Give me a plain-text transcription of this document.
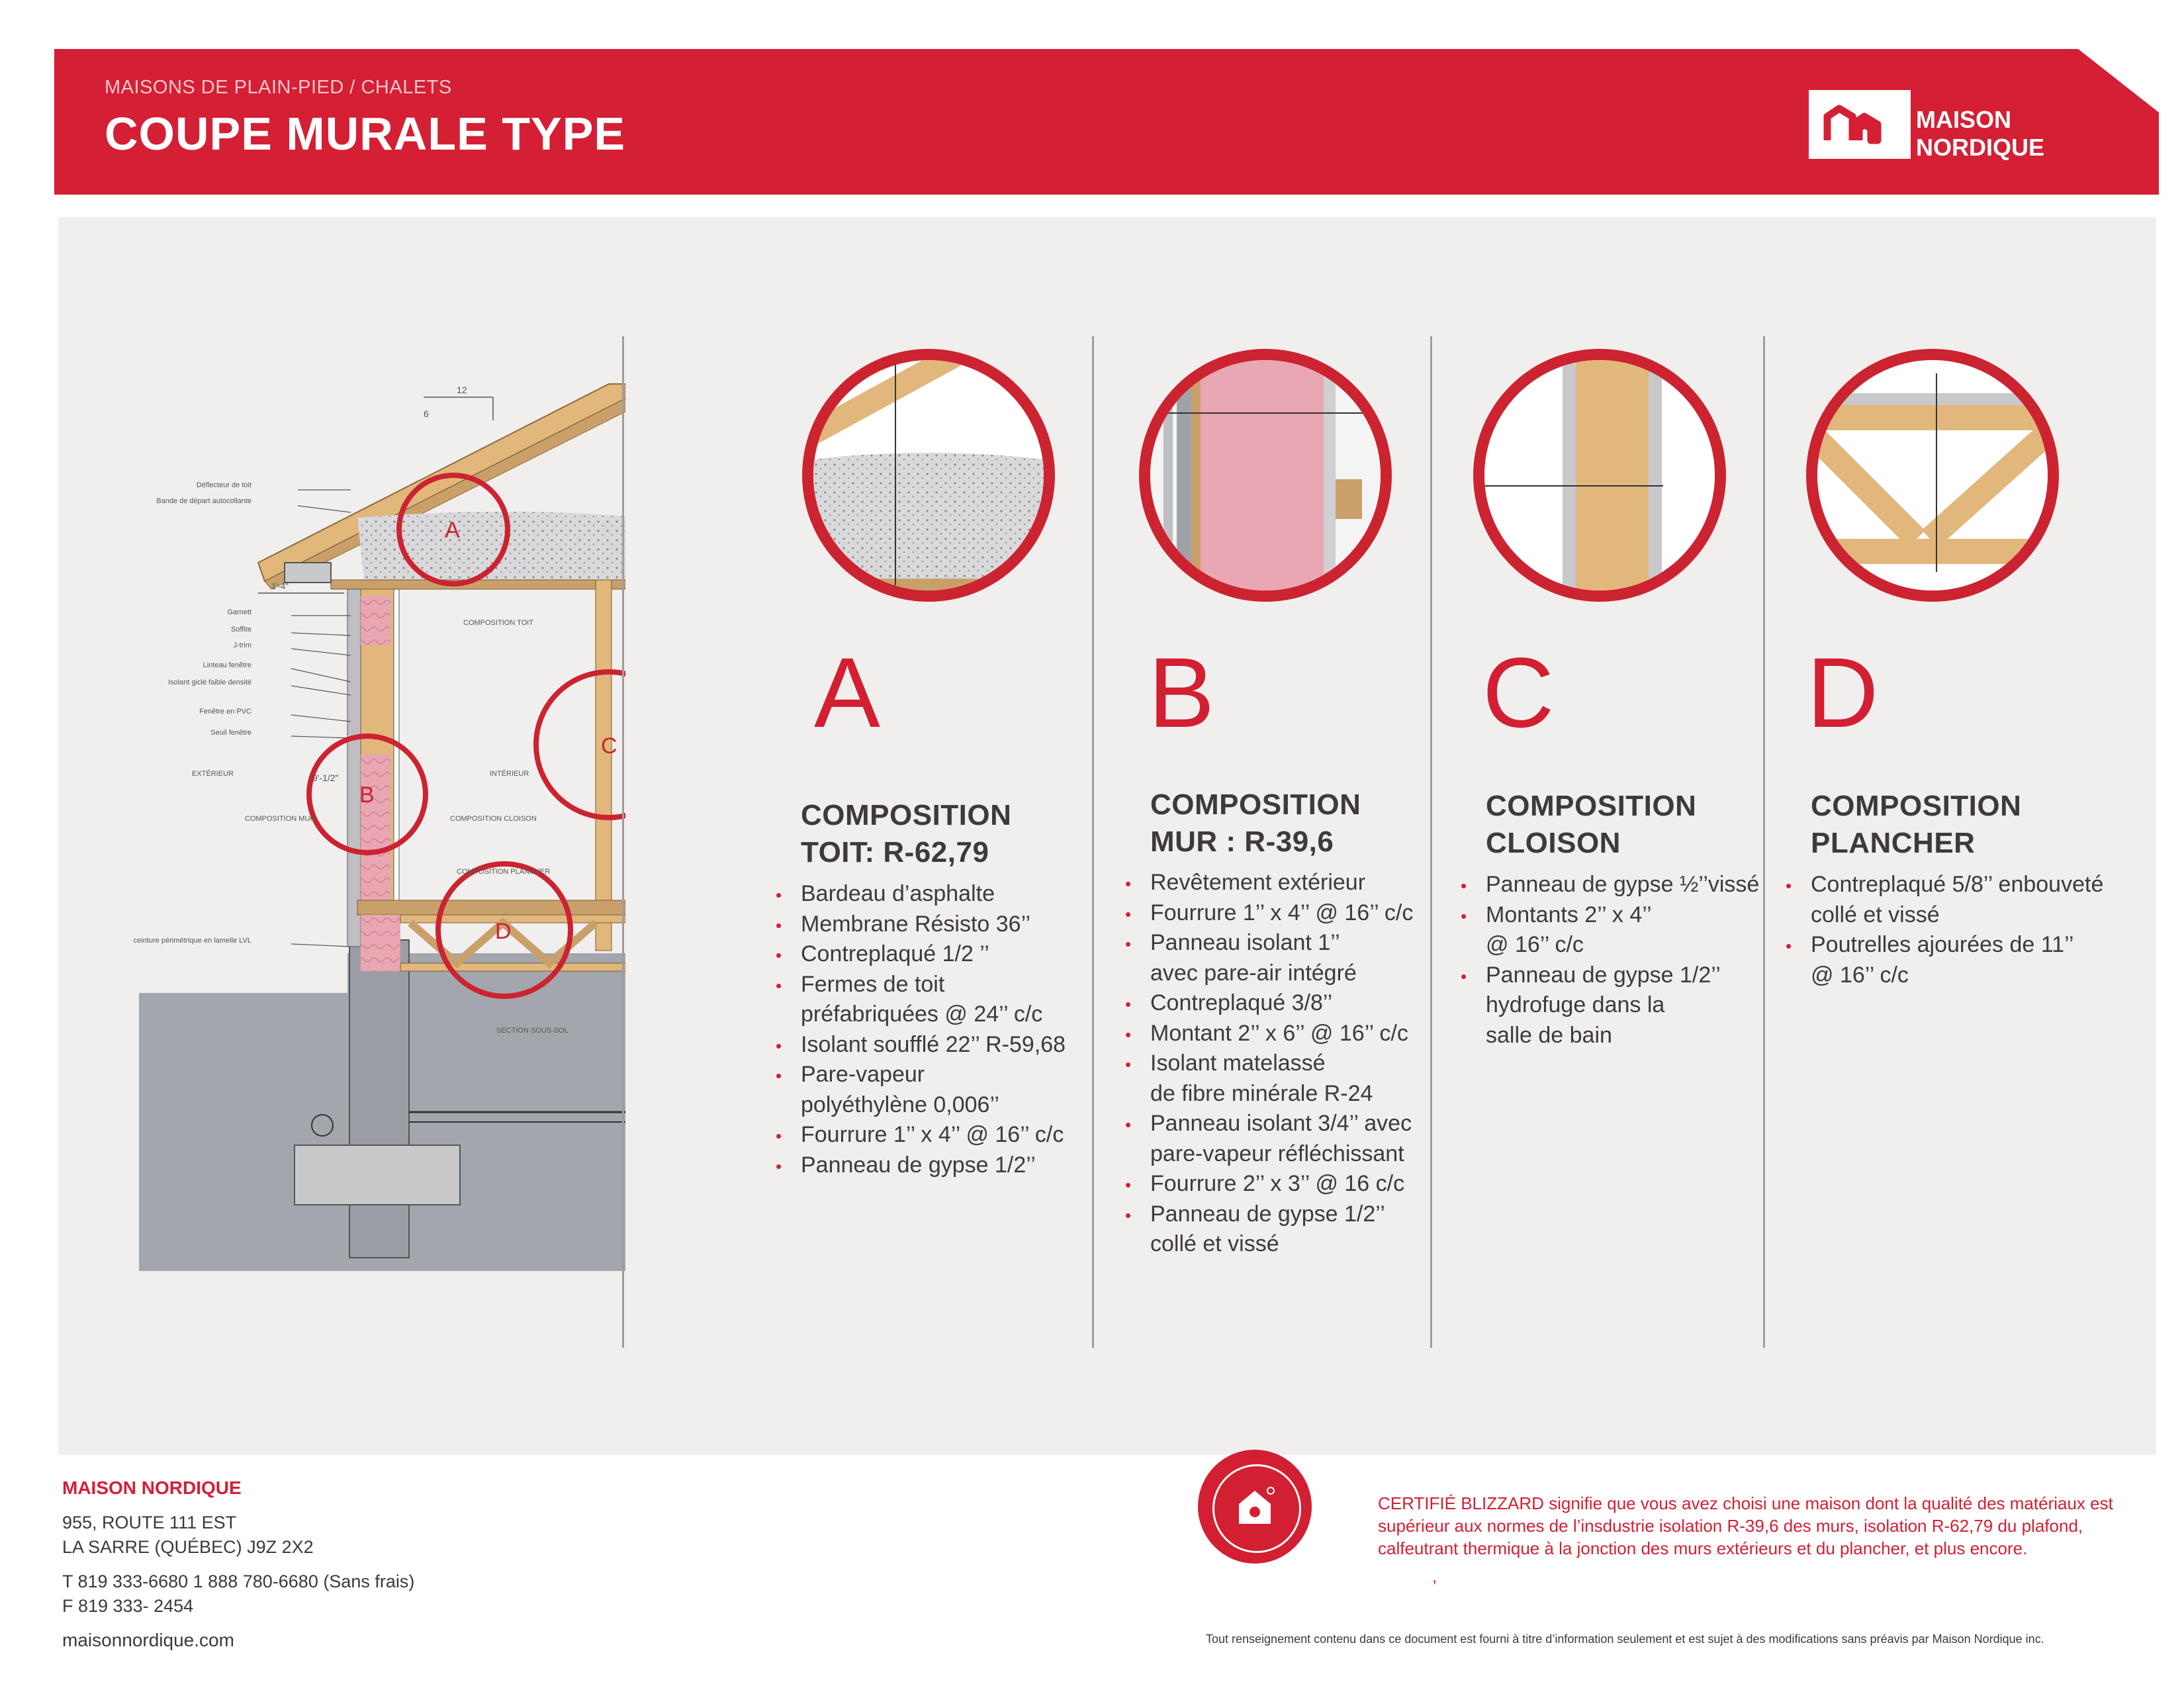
MAISONS DE PLAIN-PIED / CHALETS
COUPE MURALE TYPE	MAISON
NORDIQUE
Déflecteur de toit
Bande de départ autocollante
Garnett
Soffite
J-trim
Linteau fenêtre
Isolant giclé faible densité
Fenêtre en PVC
Seuil fenêtre
ceinture périmétrique en lamelle LVL
EXTÉRIEUR	INTÉRIEUR
COMPOSITION TOIT
COMPOSITION MUR	COMPOSITION CLOISON
COMPOSITION PLANCHER
SECTION SOUS-SOL
12
6
1'-4"
9'-1/2"
A
B
C
D
A	B	C	D
COMPOSITION
TOIT: R-62,79
• Bardeau d’asphalte
• Membrane Résisto 36’’
• Contreplaqué 1/2 ’’
• Fermes de toit
préfabriquées @ 24’’ c/c
• Isolant soufflé 22’’ R-59,68
• Pare-vapeur
polyéthylène 0,006’’
• Fourrure 1’’ x 4’’ @ 16’’ c/c
• Panneau de gypse 1/2’’
COMPOSITION
MUR : R-39,6
• Revêtement extérieur
• Fourrure 1’’ x 4’’ @ 16’’ c/c
• Panneau isolant 1’’
avec pare-air intégré
• Contreplaqué 3/8’’
• Montant 2’’ x 6’’ @ 16’’ c/c
• Isolant matelassé
de fibre minérale R-24
• Panneau isolant 3/4’’ avec
pare-vapeur réfléchissant
• Fourrure 2’’ x 3’’ @ 16 c/c
• Panneau de gypse 1/2’’
collé et vissé
COMPOSITION
CLOISON
• Panneau de gypse ½’’vissé
• Montants 2’’ x 4’’
@ 16’’ c/c
• Panneau de gypse 1/2’’
hydrofuge dans la
salle de bain
COMPOSITION
PLANCHER
• Contreplaqué 5/8’’ enbouveté
collé et vissé
• Poutrelles ajourées de 11’’
@ 16’’ c/c
MAISON NORDIQUE
955, ROUTE 111 EST
LA SARRE (QUÉBEC) J9Z 2X2
T 819 333-6680 1 888 780-6680 (Sans frais)
F 819 333- 2454
maisonnordique.com
CERTIFIÉ BLIZZARD signifie que vous avez choisi une maison dont la qualité des matériaux est supérieur aux normes de l’insdustrie isolation R-39,6 des murs, isolation R-62,79 du plafond, calfeutrant thermique à la jonction des murs extérieurs et du plancher, et plus encore.
,
Tout renseignement contenu dans ce document est fourni à titre d’information seulement et est sujet à des modifications sans préavis par Maison Nordique inc.
